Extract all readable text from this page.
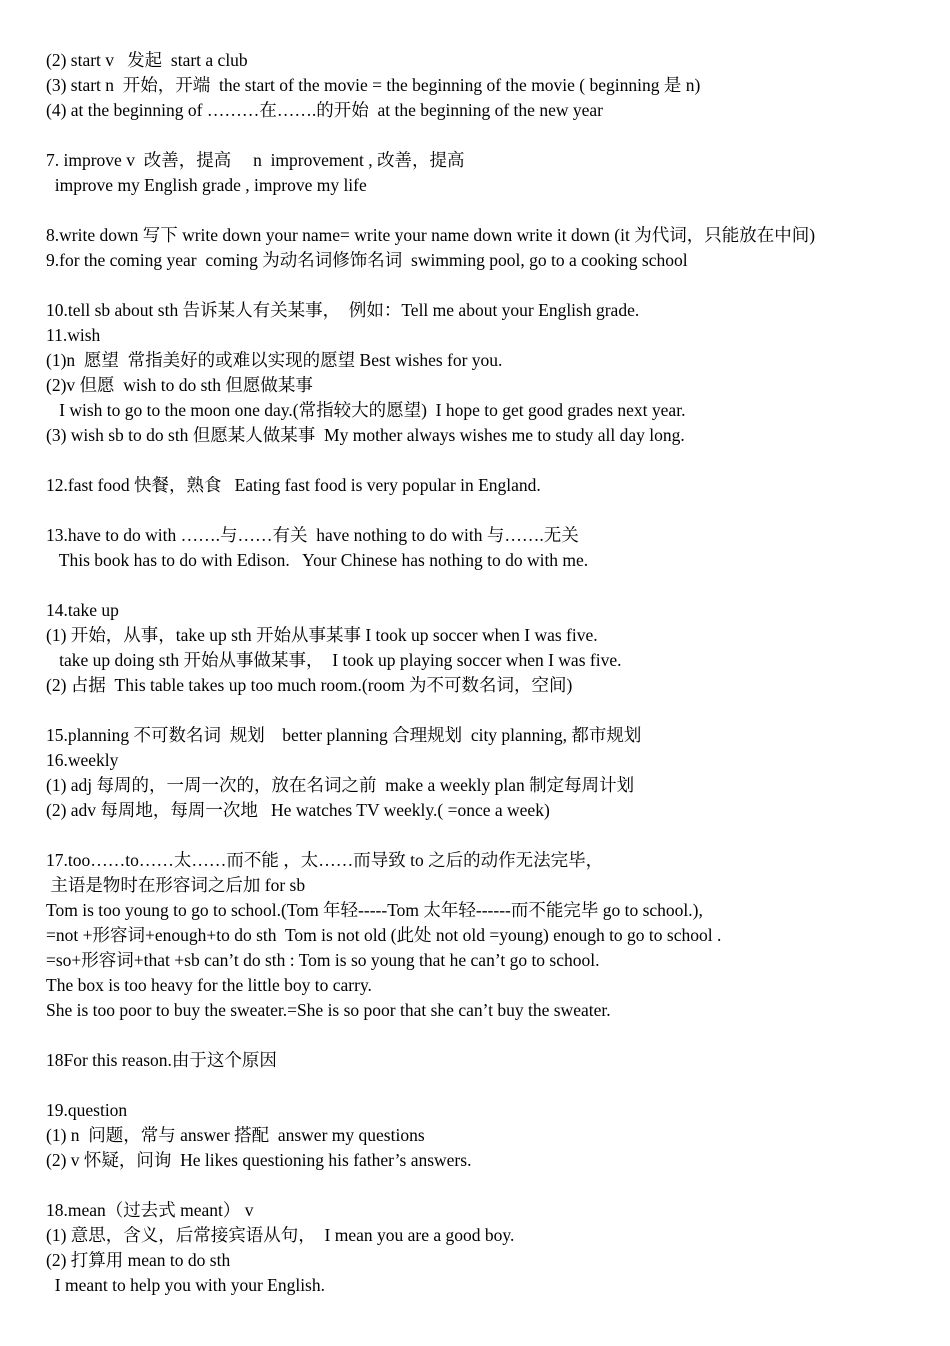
(2) start v   发起  start a club
(3) start n  开始，开端  the start of the movie = the beginning of the movie ( beginning 是 n)
(4) at the beginning of ………在…….的开始  at the beginning of the new year
7. improve v  改善，提高     n  improvement , 改善，提高
improve my English grade , improve my life
8.write down 写下 write down your name= write your name down write it down (it 为代词，只能放在中间)
9.for the coming year  coming 为动名词修饰名词  swimming pool, go to a cooking school
10.tell sb about sth 告诉某人有关某事，  例如：Tell me about your English grade.
11.wish
(1)n  愿望  常指美好的或难以实现的愿望 Best wishes for you.
(2)v 但愿  wish to do sth 但愿做某事
I wish to go to the moon one day.(常指较大的愿望)  I hope to get good grades next year.
(3) wish sb to do sth 但愿某人做某事  My mother always wishes me to study all day long.
12.fast food 快餐，熟食   Eating fast food is very popular in England.
13.have to do with …….与……有关  have nothing to do with 与…….无关
This book has to do with Edison.   Your Chinese has nothing to do with me.
14.take up
(1) 开始，从事，take up sth 开始从事某事 I took up soccer when I was five.
take up doing sth 开始从事做某事，  I took up playing soccer when I was five.
(2) 占据  This table takes up too much room.(room 为不可数名词，空间)
15.planning 不可数名词  规划    better planning 合理规划  city planning, 都市规划
16.weekly
(1) adj 每周的，一周一次的，放在名词之前  make a weekly plan 制定每周计划
(2) adv 每周地，每周一次地   He watches TV weekly.( =once a week)
17.too……to……太……而不能 ，太……而导致 to 之后的动作无法完毕，
主语是物时在形容词之后加 for sb
Tom is too young to go to school.(Tom 年轻-----Tom 太年轻------而不能完毕 go to school.),
=not +形容词+enough+to do sth  Tom is not old (此处 not old =young) enough to go to school .
=so+形容词+that +sb can’t do sth : Tom is so young that he can’t go to school.
The box is too heavy for the little boy to carry.
She is too poor to buy the sweater.=She is so poor that she can’t buy the sweater.
18For this reason.由于这个原因
19.question
(1) n  问题，常与 answer 搭配  answer my questions
(2) v 怀疑，问询  He likes questioning his father’s answers.
18.mean（过去式 meant） v
(1) 意思，含义，后常接宾语从句，  I mean you are a good boy.
(2) 打算用 mean to do sth
I meant to help you with your English.
